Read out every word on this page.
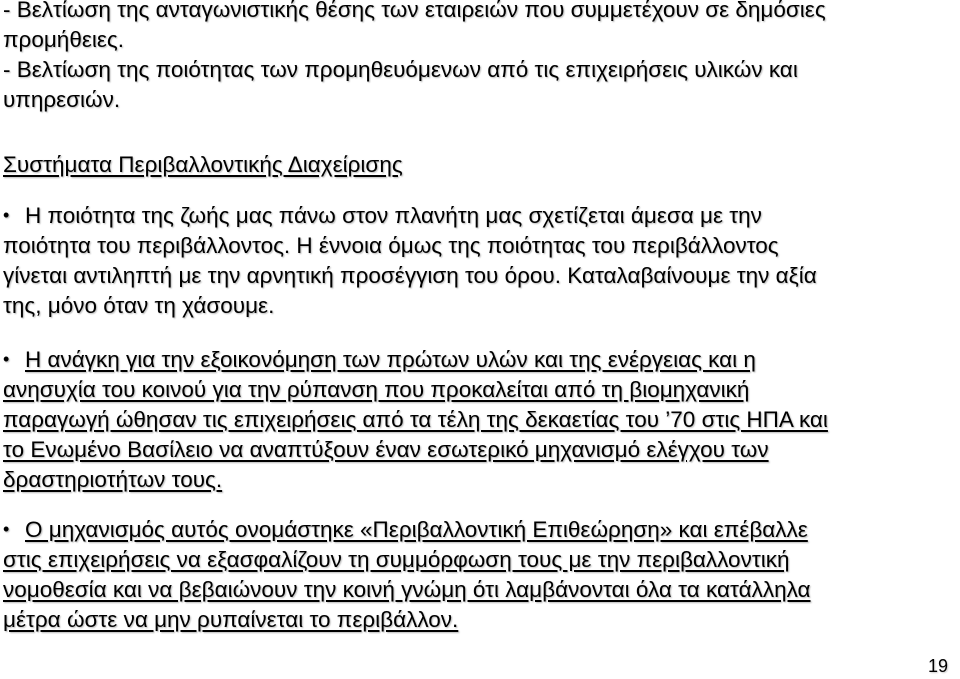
- Βελτίωση της ανταγωνιστικής θέσης των εταιρειών που συμμετέχουν σε δημόσιες
προμήθειες.
- Βελτίωση της ποιότητας των προμηθευόμενων από τις επιχειρήσεις υλικών και
υπηρεσιών.
Συστήματα Περιβαλλοντικής Διαχείρισης
• Η ποιότητα της ζωής μας πάνω στον πλανήτη μας σχετίζεται άμεσα με την
ποιότητα του περιβάλλοντος. Η έννοια όμως της ποιότητας του περιβάλλοντος
γίνεται αντιληπτή με την αρνητική προσέγγιση του όρου. Καταλαβαίνουμε την αξία
της, μόνο όταν τη χάσουμε.
• Η ανάγκη για την εξοικονόμηση των πρώτων υλών και της ενέργειας και η
ανησυχία του κοινού για την ρύπανση που προκαλείται από τη βιομηχανική
παραγωγή ώθησαν τις επιχειρήσεις από τα τέλη της δεκαετίας του ’70 στις ΗΠΑ και
το Ενωμένο Βασίλειο να αναπτύξουν έναν εσωτερικό μηχανισμό ελέγχου των
δραστηριοτήτων τους.
• Ο μηχανισμός αυτός ονομάστηκε «Περιβαλλοντική Επιθεώρηση» και επέβαλλε
στις επιχειρήσεις να εξασφαλίζουν τη συμμόρφωση τους με την περιβαλλοντική
νομοθεσία και να βεβαιώνουν την κοινή γνώμη ότι λαμβάνονται όλα τα κατάλληλα
μέτρα ώστε να μην ρυπαίνεται το περιβάλλον.
19
